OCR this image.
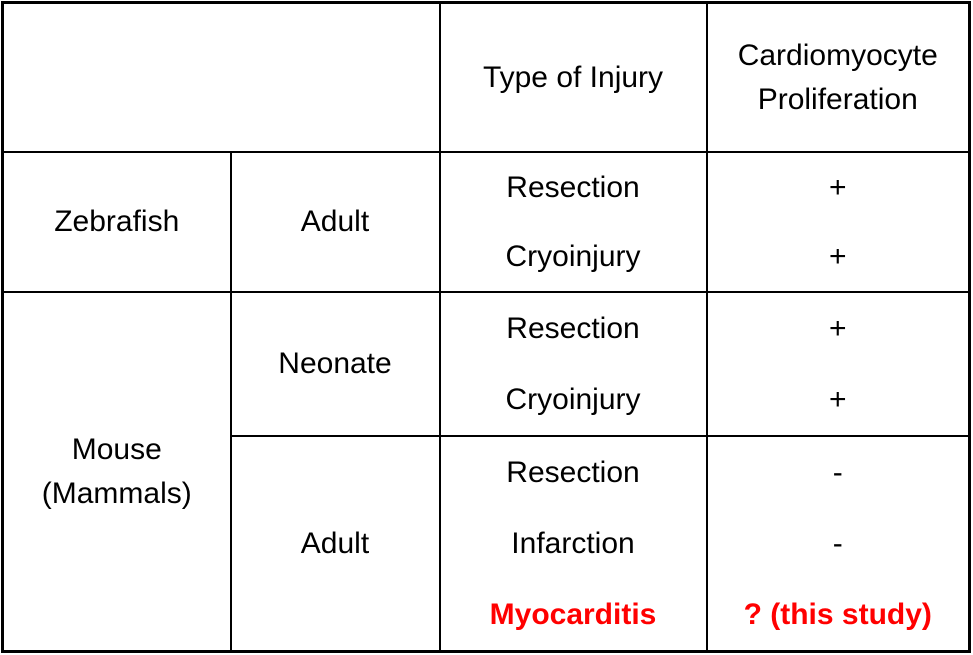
		Type of Injury	Cardiomyocyte Proliferation
Zebrafish	Adult	Resection	+
		Cryoinjury	+
Mouse (Mammals)	Neonate	Resection	+
		Cryoinjury	+
	Adult	Resection	-
		Infarction	-
		Myocarditis	? (this study)
